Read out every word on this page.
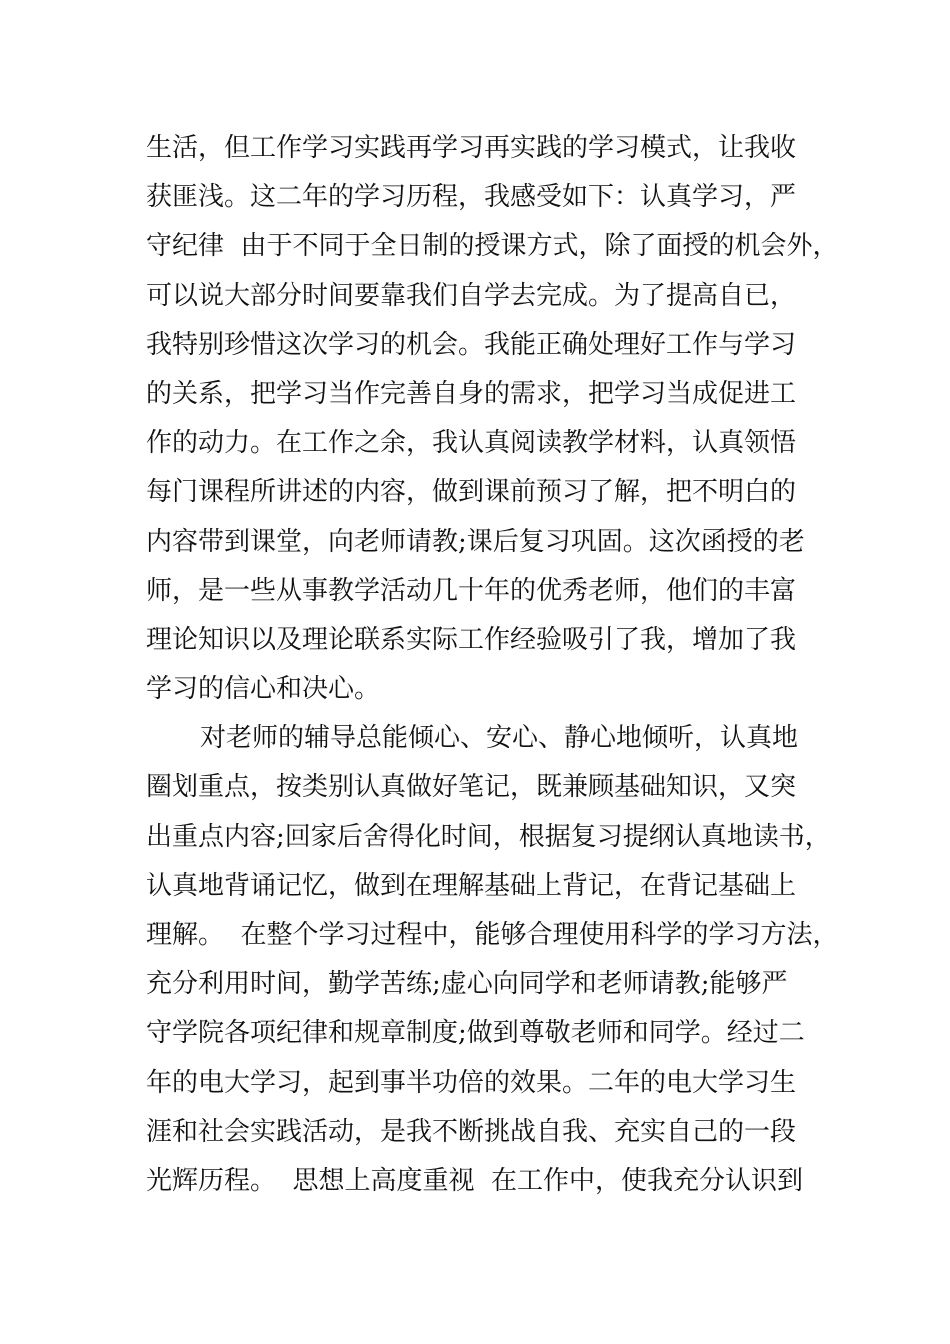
生活，但工作学习实践再学习再实践的学习模式，让我收
获匪浅。这二年的学习历程，我感受如下：认真学习，严
守纪律  由于不同于全日制的授课方式，除了面授的机会外，
可以说大部分时间要靠我们自学去完成。为了提高自已，
我特别珍惜这次学习的机会。我能正确处理好工作与学习
的关系，把学习当作完善自身的需求，把学习当成促进工
作的动力。在工作之余，我认真阅读教学材料，认真领悟
每门课程所讲述的内容，做到课前预习了解，把不明白的
内容带到课堂，向老师请教;课后复习巩固。这次函授的老
师，是一些从事教学活动几十年的优秀老师，他们的丰富
理论知识以及理论联系实际工作经验吸引了我，增加了我
学习的信心和决心。
对老师的辅导总能倾心、安心、静心地倾听，认真地
圈划重点，按类别认真做好笔记，既兼顾基础知识，又突
出重点内容;回家后舍得化时间，根据复习提纲认真地读书，
认真地背诵记忆，做到在理解基础上背记，在背记基础上
理解。  在整个学习过程中，能够合理使用科学的学习方法，
充分利用时间，勤学苦练;虚心向同学和老师请教;能够严
守学院各项纪律和规章制度;做到尊敬老师和同学。经过二
年的电大学习，起到事半功倍的效果。二年的电大学习生
涯和社会实践活动，是我不断挑战自我、充实自己的一段
光辉历程。  思想上高度重视  在工作中，使我充分认识到
